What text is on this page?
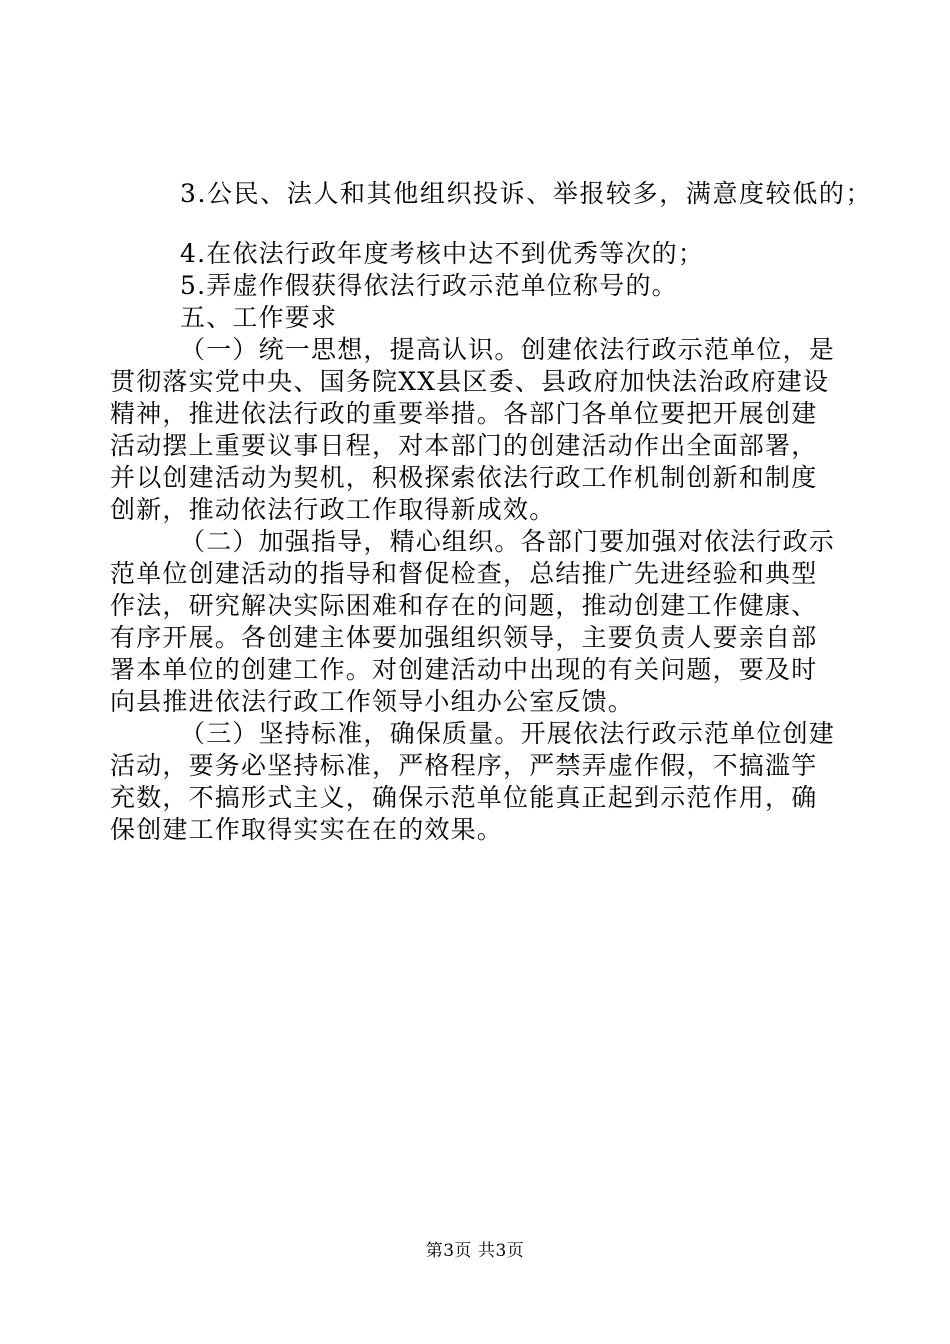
3.公民、法人和其他组织投诉、举报较多，满意度较低的；
4.在依法行政年度考核中达不到优秀等次的；
5.弄虚作假获得依法行政示范单位称号的。
五、工作要求
（一）统一思想，提高认识。创建依法行政示范单位，是
贯彻落实党中央、国务院XX县区委、县政府加快法治政府建设
精神，推进依法行政的重要举措。各部门各单位要把开展创建
活动摆上重要议事日程，对本部门的创建活动作出全面部署，
并以创建活动为契机，积极探索依法行政工作机制创新和制度
创新，推动依法行政工作取得新成效。
（二）加强指导，精心组织。各部门要加强对依法行政示
范单位创建活动的指导和督促检查，总结推广先进经验和典型
作法，研究解决实际困难和存在的问题，推动创建工作健康、
有序开展。各创建主体要加强组织领导，主要负责人要亲自部
署本单位的创建工作。对创建活动中出现的有关问题，要及时
向县推进依法行政工作领导小组办公室反馈。
（三）坚持标准，确保质量。开展依法行政示范单位创建
活动，要务必坚持标准，严格程序，严禁弄虚作假，不搞滥竽
充数，不搞形式主义，确保示范单位能真正起到示范作用，确
保创建工作取得实实在在的效果。
第3页 共3页
